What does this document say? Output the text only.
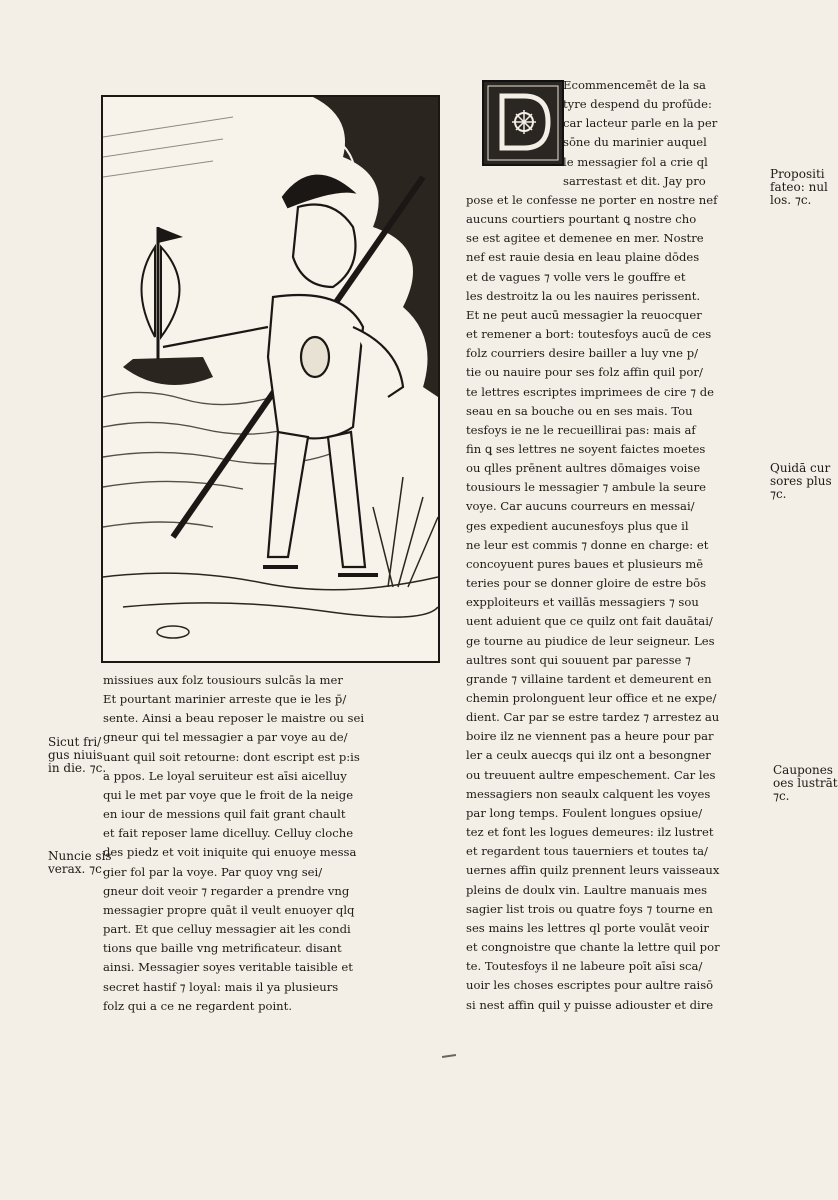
Ecommencemēt de la sa
tyre despend du profūde:
car lacteur parle en la per
sōne du marinier auquel
le messagier fol a crie ql
sarrestast et dit. Jay pro
pose et le confesse ne porter en nostre nef
aucuns courtiers pourtant ꝗ nostre cho
se est agitee et demenee en mer. Nostre
nef est rauie desia en leau plaine dōdes
et de vagues ⁊ volle vers le gouffre et
les destroitz la ou les nauires perissent.
Et ne peut aucū messagier la reuocquer
et remener a bort: toutesfoys aucū de ces
folz courriers desire bailler a luy vne p/
tie ou nauire pour ses folz affin quil por/
te lettres escriptes imprimees de cire ⁊ de
seau en sa bouche ou en ses mais. Tou
tesfoys ie ne le recueillirai pas: mais af
fin ꝗ ses lettres ne soyent faictes moetes
ou qlles prēnent aultres dōmaiges voise
tousiours le messagier ⁊ ambule la seure
voye. Car aucuns courreurs en messai/
ges expedient aucunesfoys plus que il
ne leur est commis ⁊ donne en charge: et
concoyuent pures baues et plusieurs mē
teries pour se donner gloire de estre bōs
expploiteurs et vaillās messagiers ⁊ sou
uent aduient que ce quilz ont fait dauātai/
ge tourne au piudice de leur seigneur. Les
aultres sont qui souuent par paresse ⁊
grande ⁊ villaine tardent et demeurent en
chemin prolonguent leur office et ne expe/
dient. Car par se estre tardez ⁊ arrestez au
boire ilz ne viennent pas a heure pour par
ler a ceulx auecqs qui ilz ont a besongner
ou treuuent aultre empeschement. Car les
messagiers non seaulx calquent les voyes
par long temps. Foulent longues opsiue/
tez et font les logues demeures: ilz lustret
et regardent tous tauerniers et toutes ta/
uernes affin quilz prennent leurs vaisseaux
pleins de doulx vin. Laultre manuais mes
sagier list trois ou quatre foys ⁊ tourne en
ses mains les lettres ql porte voulāt veoir
et congnoistre que chante la lettre quil por
te. Toutesfoys il ne labeure poīt aīsi sca/
uoir les choses escriptes pour aultre raisō
si nest affin quil y puisse adiouster et dire
missiues aux folz tousiours sulcās la mer
Et pourtant marinier arreste que ie les p̄/
sente. Ainsi a beau reposer le maistre ou sei
gneur qui tel messagier a par voye au de/
uant quil soit retourne: dont escript est p:is
a ppos. Le loyal seruiteur est aīsi aicelluy
qui le met par voye que le froit de la neige
en iour de messions quil fait grant chault
et fait reposer lame dicelluy. Celluy cloche
des piedz et voit iniquite qui enuoye messa
gier fol par la voye. Par quoy vng sei/
gneur doit veoir ⁊ regarder a prendre vng
messagier propre quāt il veult enuoyer qlq
part. Et que celluy messagier ait les condi
tions que baille vng metrificateur. disant
ainsi. Messagier soyes veritable taisible et
secret hastif ⁊ loyal: mais il ya plusieurs
folz qui a ce ne regardent point.
Propositi
fateo: nul
los. ⁊c.
Quidā cur
sores plus
⁊c.
Caupones
oes lustrāt
⁊c.
Sicut fri/
gus niuis
in die. ⁊c.
Nuncie sis
verax. ⁊c.
